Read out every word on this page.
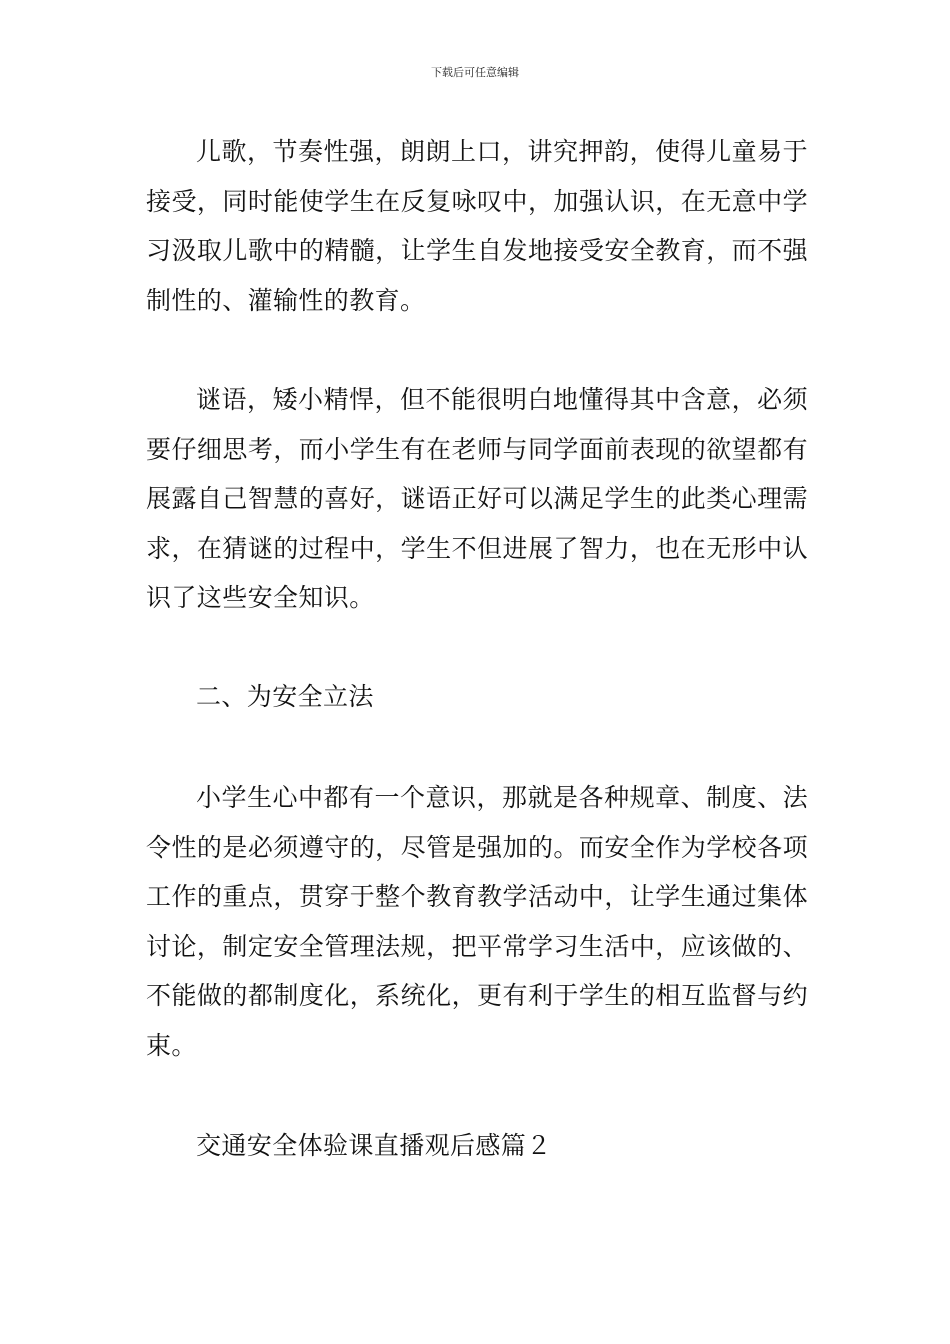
下载后可任意编辑

儿歌，节奏性强，朗朗上口，讲究押韵，使得儿童易于接受，同时能使学生在反复咏叹中，加强认识，在无意中学习汲取儿歌中的精髓，让学生自发地接受安全教育，而不强制性的、灌输性的教育。

谜语，矮小精悍，但不能很明白地懂得其中含意，必须要仔细思考，而小学生有在老师与同学面前表现的欲望都有展露自己智慧的喜好，谜语正好可以满足学生的此类心理需求，在猜谜的过程中，学生不但进展了智力，也在无形中认识了这些安全知识。

二、为安全立法

小学生心中都有一个意识，那就是各种规章、制度、法令性的是必须遵守的，尽管是强加的。而安全作为学校各项工作的重点，贯穿于整个教育教学活动中，让学生通过集体讨论，制定安全管理法规，把平常学习生活中，应该做的、不能做的都制度化，系统化，更有利于学生的相互监督与约束。

交通安全体验课直播观后感篇２
